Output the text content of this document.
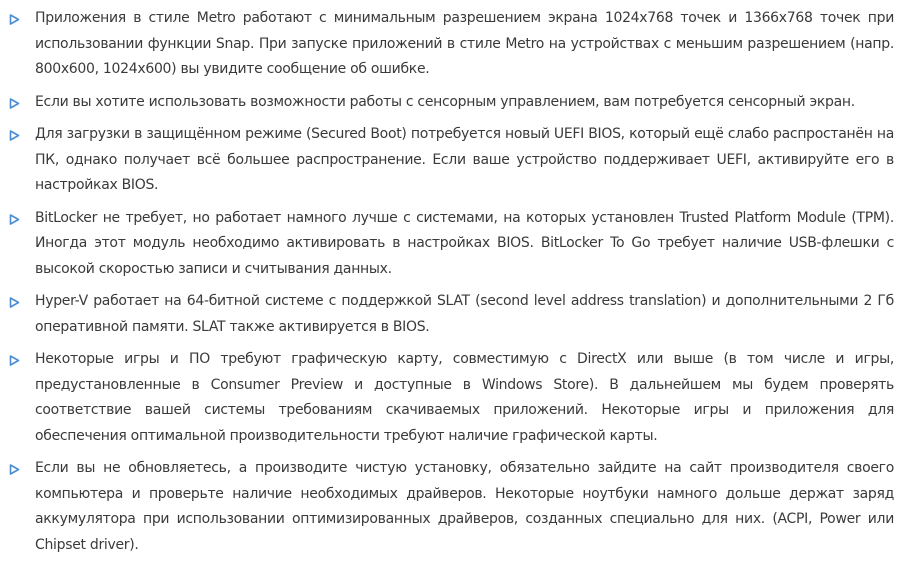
Приложения в стиле Metro работают с минимальным разрешением экрана 1024x768 точек и 1366x768 точек при использовании функции Snap. При запуске приложений в стиле Metro на устройствах с меньшим разрешением (напр. 800x600, 1024x600) вы увидите сообщение об ошибке.
Если вы хотите использовать возможности работы с сенсорным управлением, вам потребуется сенсорный экран.
Для загрузки в защищённом режиме (Secured Boot) потребуется новый UEFI BIOS, который ещё слабо распростанён на ПК, однако получает всё большее распространение. Если ваше устройство поддерживает UEFI, активируйте его в настройках BIOS.
BitLocker не требует, но работает намного лучше с системами, на которых установлен Trusted Platform Module (TPM). Иногда этот модуль необходимо активировать в настройках BIOS. BitLocker To Go требует наличие USB-флешки с высокой скоростью записи и считывания данных.
Hyper-V работает на 64-битной системе с поддержкой SLAT (second level address translation) и дополнительными 2 Гб оперативной памяти. SLAT также активируется в BIOS.
Некоторые игры и ПО требуют графическую карту, совместимую с DirectX или выше (в том числе и игры, предустановленные в Consumer Preview и доступные в Windows Store). В дальнейшем мы будем проверять соответствие вашей системы требованиям скачиваемых приложений. Некоторые игры и приложения для обеспечения оптимальной производительности требуют наличие графической карты.
Если вы не обновляетесь, а производите чистую установку, обязательно зайдите на сайт производителя своего компьютера и проверьте наличие необходимых драйверов. Некоторые ноутбуки намного дольше держат заряд аккумулятора при использовании оптимизированных драйверов, созданных специально для них. (ACPI, Power или Chipset driver).
